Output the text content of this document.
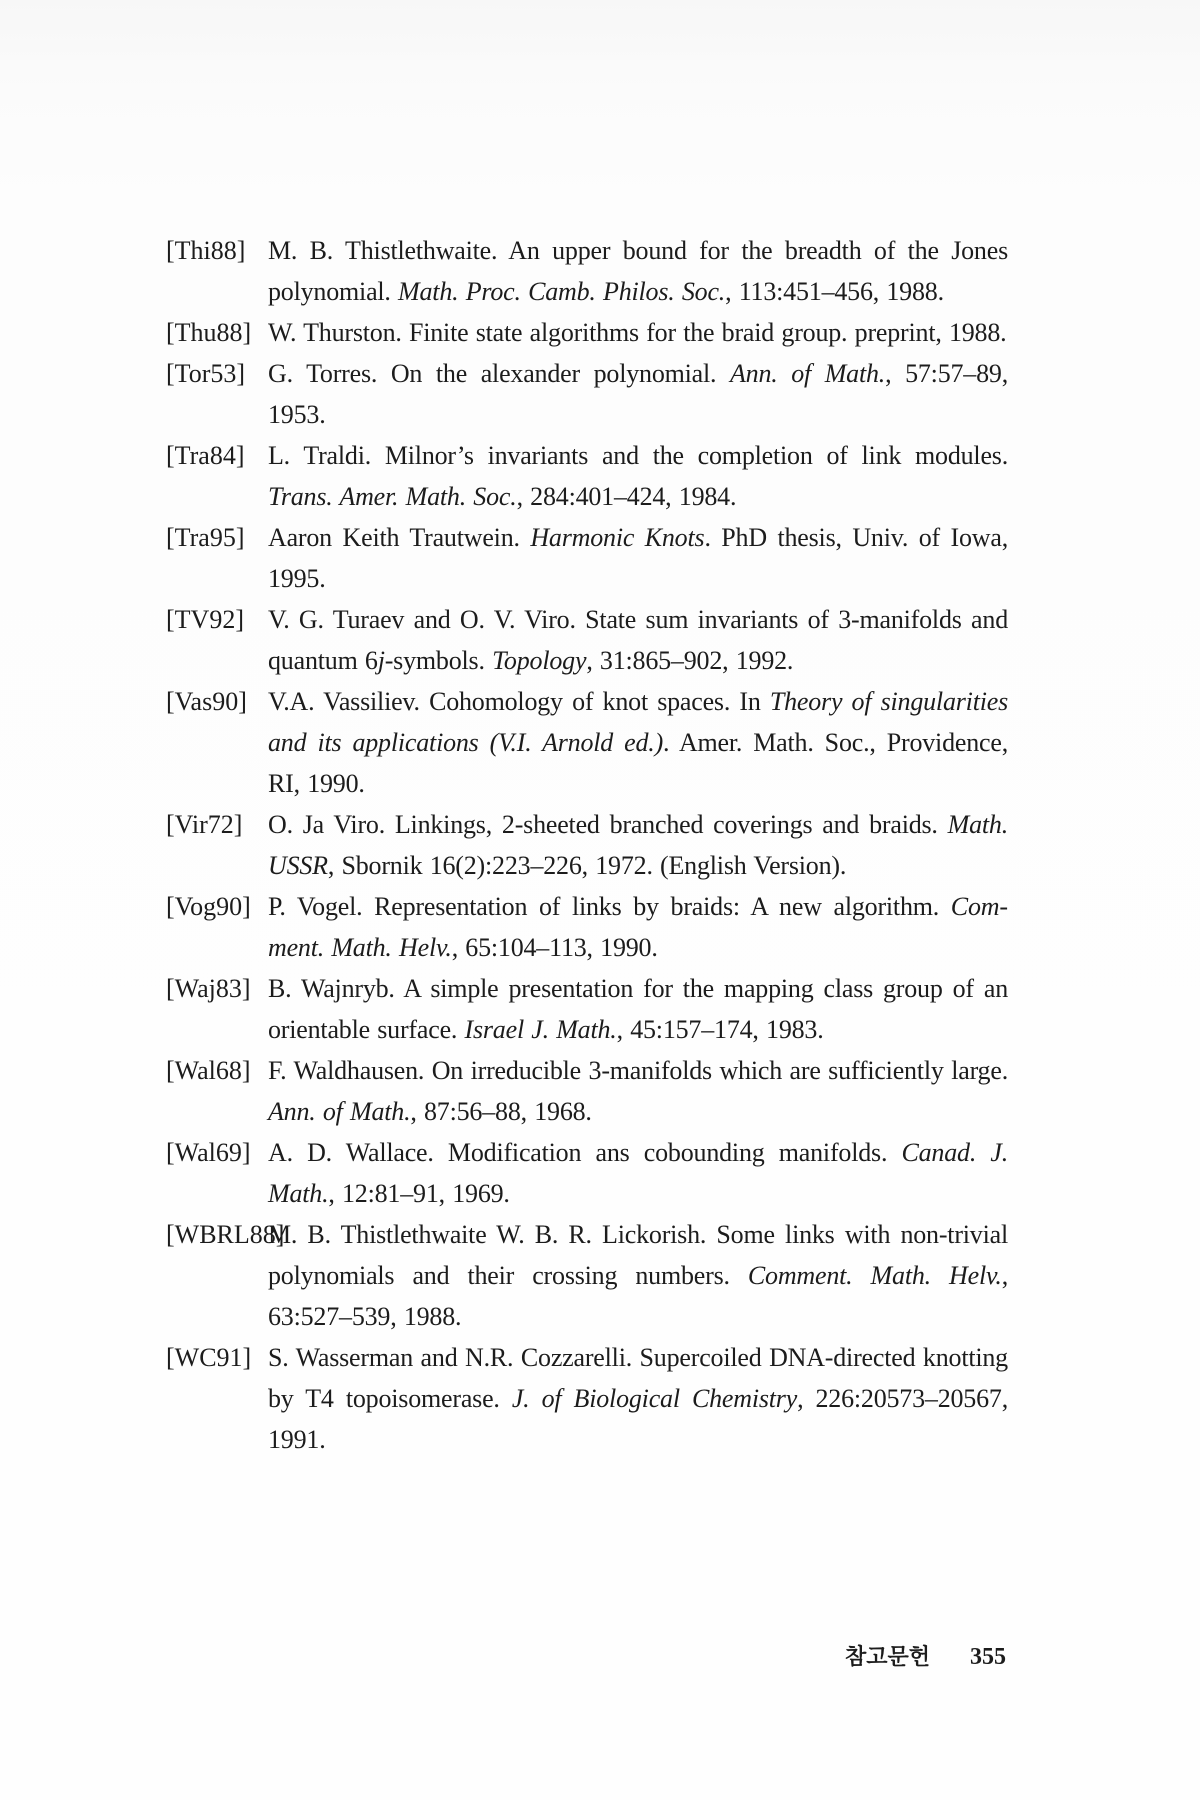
[Thi88] M. B. Thistlethwaite. An upper bound for the breadth of the Jones polynomial. Math. Proc. Camb. Philos. Soc., 113:451–456, 1988.
[Thu88] W. Thurston. Finite state algorithms for the braid group. preprint, 1988.
[Tor53] G. Torres. On the alexander polynomial. Ann. of Math., 57:57–89, 1953.
[Tra84] L. Traldi. Milnor’s invariants and the completion of link modules. Trans. Amer. Math. Soc., 284:401–424, 1984.
[Tra95] Aaron Keith Trautwein. Harmonic Knots. PhD thesis, Univ. of Iowa, 1995.
[TV92] V. G. Turaev and O. V. Viro. State sum invariants of 3-manifolds and quantum 6j-symbols. Topology, 31:865–902, 1992.
[Vas90] V.A. Vassiliev. Cohomology of knot spaces. In Theory of singularities and its applications (V.I. Arnold ed.). Amer. Math. Soc., Providence, RI, 1990.
[Vir72] O. Ja Viro. Linkings, 2-sheeted branched coverings and braids. Math. USSR, Sbornik 16(2):223–226, 1972. (English Version).
[Vog90] P. Vogel. Representation of links by braids: A new algorithm. Comment. Math. Helv., 65:104–113, 1990.
[Waj83] B. Wajnryb. A simple presentation for the mapping class group of an orientable surface. Israel J. Math., 45:157–174, 1983.
[Wal68] F. Waldhausen. On irreducible 3-manifolds which are sufficiently large. Ann. of Math., 87:56–88, 1968.
[Wal69] A. D. Wallace. Modification ans cobounding manifolds. Canad. J. Math., 12:81–91, 1969.
[WBRL88]
M. B. Thistlethwaite W. B. R. Lickorish. Some links with non-trivial polynomials and their crossing numbers. Comment. Math. Helv., 63:527–539, 1988.
[WC91] S. Wasserman and N.R. Cozzarelli. Supercoiled DNA-directed knotting by T4 topoisomerase. J. of Biological Chemistry, 226:20573–20567, 1991.
참고문헌 355
